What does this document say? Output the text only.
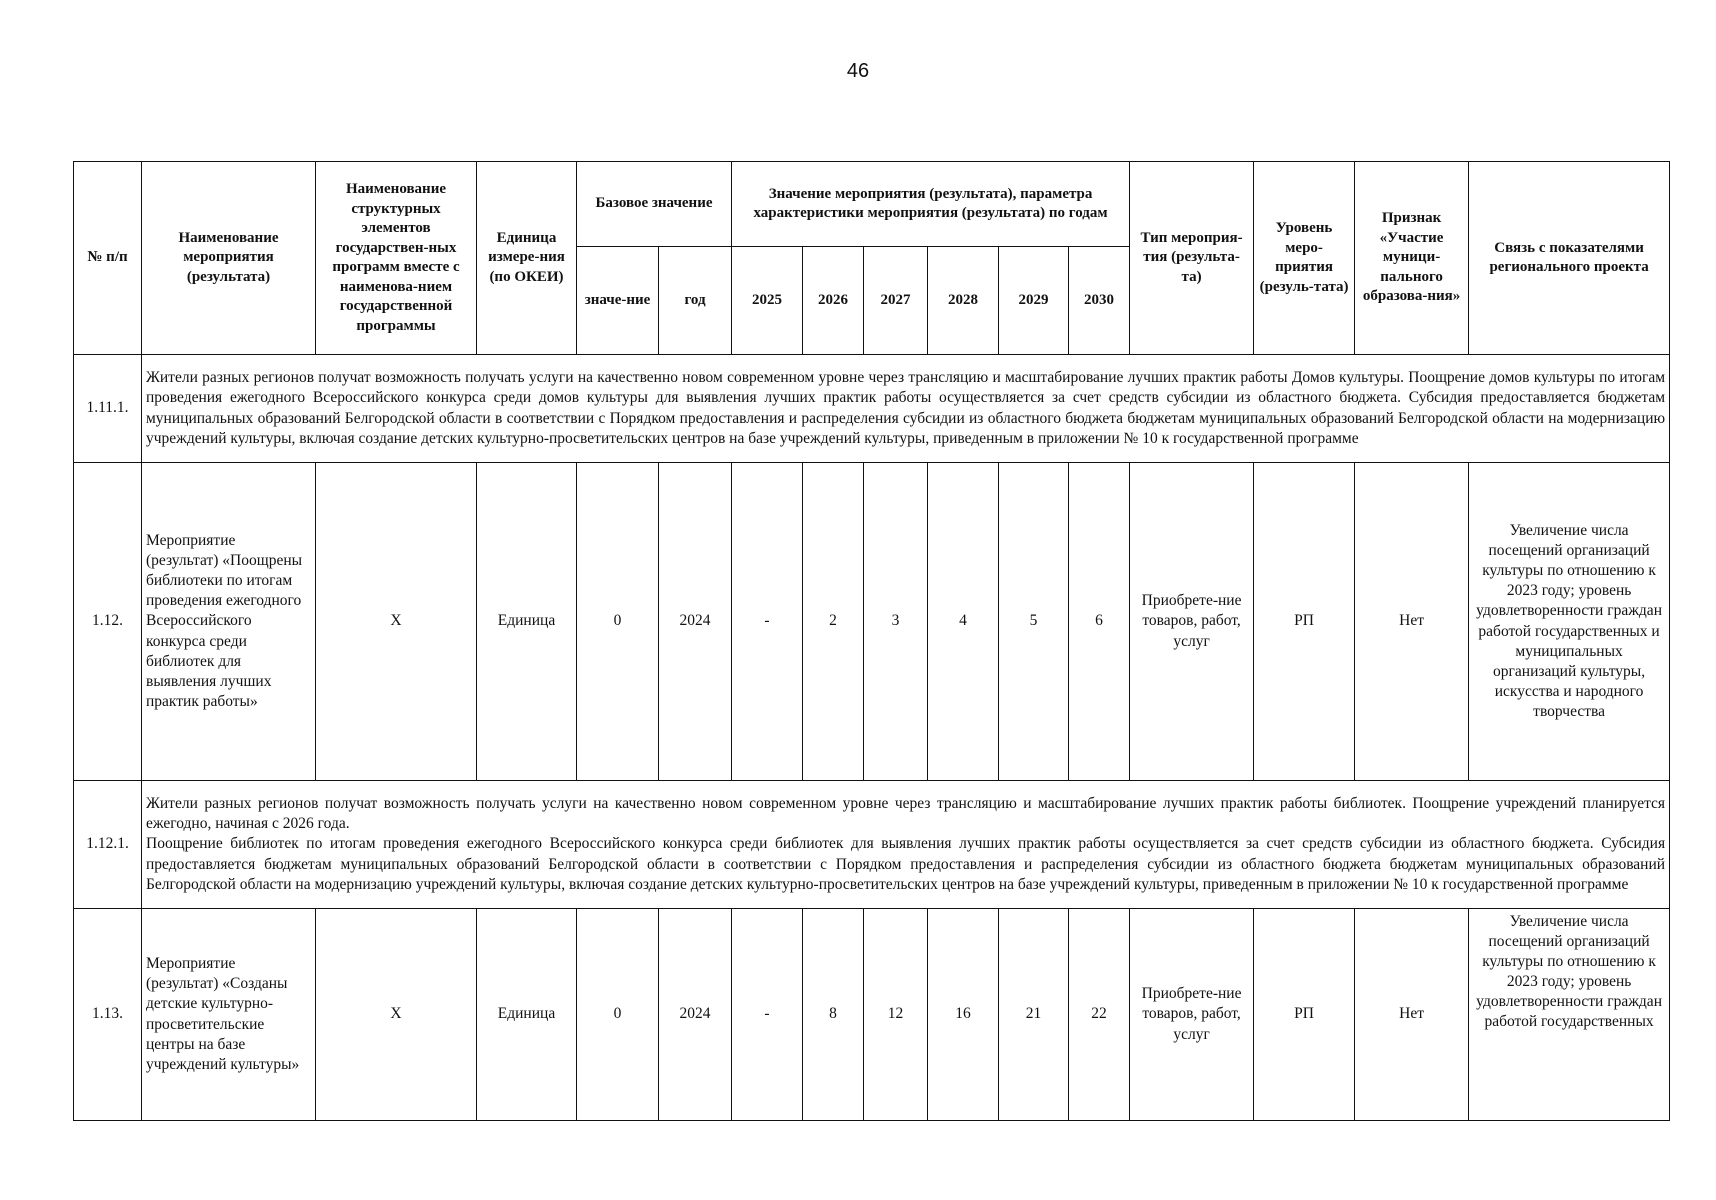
46
№ п/п	Наименование мероприятия (результата)	Наименование структурных элементов государствен-ных программ вместе с наименова-нием государственной программы	Единица измере-ния (по ОКЕИ)	Базовое значение		Значение мероприятия (результата), параметра характеристики мероприятия (результата) по годам						Тип мероприя-тия (результа-та)	Уровень меро-приятия (резуль-тата)	Признак «Участие муници-пального образова-ния»	Связь с показателями регионального проекта
				значе-ние	год	2025	2026	2027	2028	2029	2030				
1.11.1.	Жители разных регионов получат возможность получать услуги на качественно новом современном уровне через трансляцию и масштабирование лучших практик работы Домов культуры. Поощрение домов культуры по итогам проведения ежегодного Всероссийского конкурса среди домов культуры для выявления лучших практик работы осуществляется за счет средств субсидии из областного бюджета. Субсидия предоставляется бюджетам муниципальных образований Белгородской области в соответствии с Порядком предоставления и распределения субсидии из областного бюджета бюджетам муниципальных образований Белгородской области на модернизацию учреждений культуры, включая создание детских культурно-просветительских центров на базе учреждений культуры, приведенным в приложении № 10 к государственной программе														
1.12.	Мероприятие (результат) «Поощрены библиотеки по итогам проведения ежегодного Всероссийского конкурса среди библиотек для выявления лучших практик работы»	X	Единица	0	2024	-	2	3	4	5	6	Приобрете-ние товаров, работ, услуг	РП	Нет	Увеличение числа посещений организаций культуры по отношению к 2023 году; уровень удовлетворенности граждан работой государственных и муниципальных организаций культуры, искусства и народного творчества
1.12.1.	Жители разных регионов получат возможность получать услуги на качественно новом современном уровне через трансляцию и масштабирование лучших практик работы библиотек. Поощрение учреждений планируется ежегодно, начиная с 2026 года.
Поощрение библиотек по итогам проведения ежегодного Всероссийского конкурса среди библиотек для выявления лучших практик работы осуществляется за счет средств субсидии из областного бюджета. Субсидия предоставляется бюджетам муниципальных образований Белгородской области в соответствии с Порядком предоставления и распределения субсидии из областного бюджета бюджетам муниципальных образований Белгородской области на модернизацию учреждений культуры, включая создание детских культурно-просветительских центров на базе учреждений культуры, приведенным в приложении № 10 к государственной программе														

1.13.	Мероприятие (результат) «Созданы детские культурно-просветительские центры на базе учреждений культуры»	X	Единица	0	2024	-	8	12	16	21	22	Приобрете-ние товаров, работ, услуг	РП	Нет	Увеличение числа посещений организаций культуры по отношению к 2023 году; уровень удовлетворенности граждан работой государственных
